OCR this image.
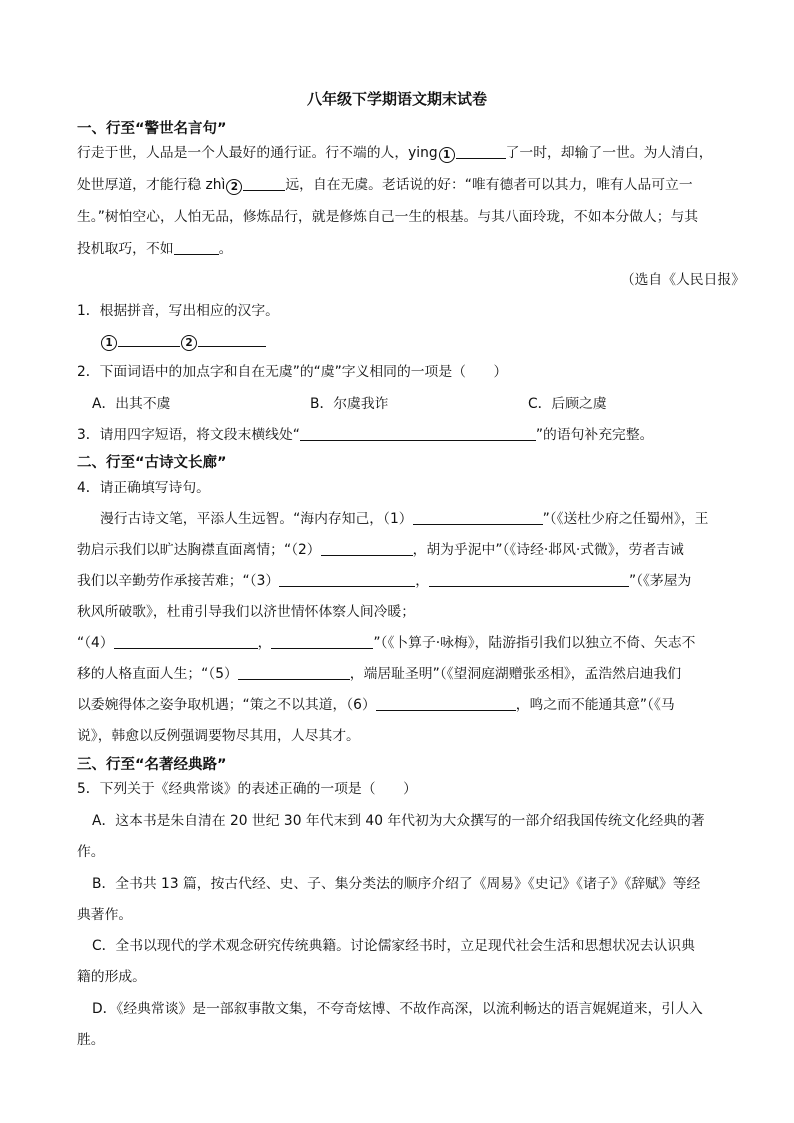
八年级下学期语文期末试卷
一、行至“警世名言句”
行走于世，人品是一个人最好的通行证。行不端的人，ying 1	了一时，却输了一世。为人清白，
处世厚道，才能行稳 zhì 2	远，自在无虞。老话说的好：“唯有德者可以其力，唯有人品可立一
生。”树怕空心，人怕无品，修炼品行，就是修炼自己一生的根基。与其八面玲珑，不如本分做人；与其
投机取巧，不如	。
（选自《人民日报》
1．根据拼音，写出相应的汉字。
1	2
2．下面词语中的加点字和自在无虞”的“虞”字义相同的一项是（　　）
A．出其不虞	B．尔虞我诈	C．后顾之虞
3．请用四字短语，将文段末横线处“	”的语句补充完整。
二、行至“古诗文长廊”
4．请正确填写诗句。
漫行古诗文笔，平添人生远智。“海内存知己，（1）	”（《送杜少府之任蜀州》，王
勃启示我们以旷达胸襟直面离情；“（2）	，胡为乎泥中”（《诗经·邶风·式微》，劳者吉诫
我们以辛勤劳作承接苦难；“（3）	，	”（《茅屋为
秋风所破歌》，杜甫引导我们以济世情怀体察人间冷暖；
“（4）	，	”（《卜算子·咏梅》，陆游指引我们以独立不倚、矢志不
移的人格直面人生；“（5）	，端居耻圣明”（《望洞庭湖赠张丞相》，孟浩然启迪我们
以委婉得体之姿争取机遇；“策之不以其道，（6）	，鸣之而不能通其意”（《马
说》，韩愈以反例强调要物尽其用，人尽其才。
三、行至“名著经典路”
5．下列关于《经典常谈》的表述正确的一项是（　　）
A．这本书是朱自清在 20 世纪 30 年代末到 40 年代初为大众撰写的一部介绍我国传统文化经典的著
作。
B．全书共 13 篇，按古代经、史、子、集分类法的顺序介绍了《周易》《史记》《诸子》《辞赋》等经
典著作。
C．全书以现代的学术观念研究传统典籍。讨论儒家经书时，立足现代社会生活和思想状况去认识典
籍的形成。
D．《经典常谈》是一部叙事散文集，不夸奇炫博、不故作高深，以流利畅达的语言娓娓道来，引人入
胜。
